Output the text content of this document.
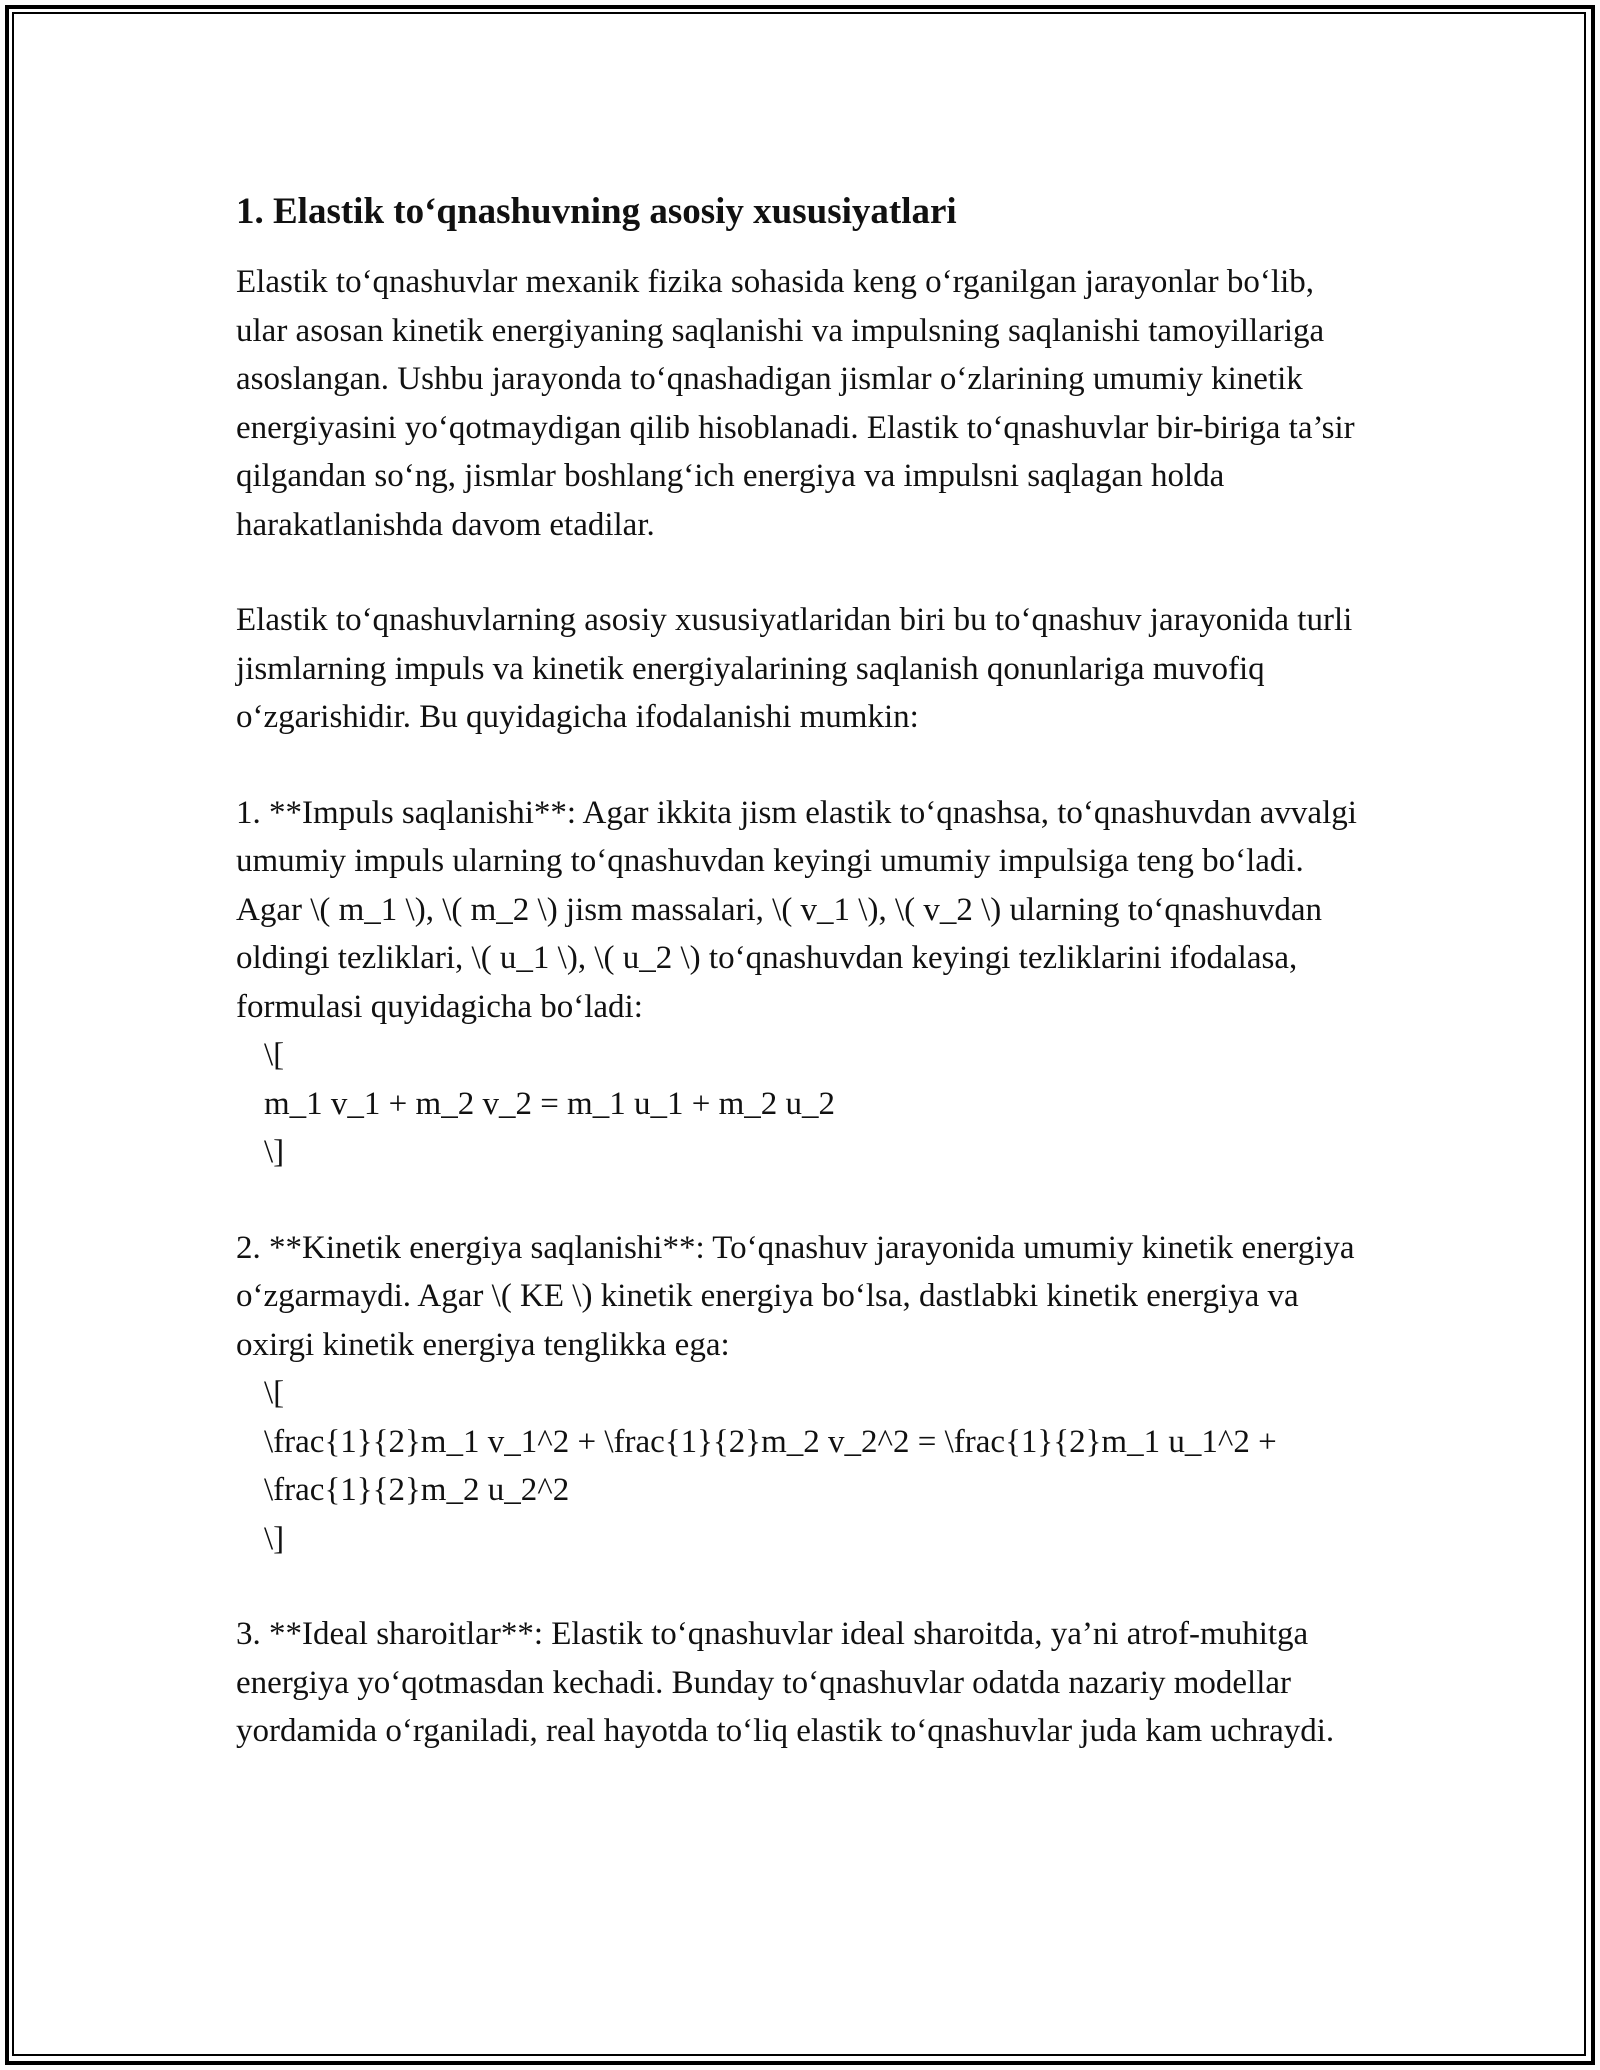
1. Elastik to‘qnashuvning asosiy xususiyatlari

Elastik to‘qnashuvlar mexanik fizika sohasida keng o‘rganilgan jarayonlar bo‘lib, ular asosan kinetik energiyaning saqlanishi va impulsning saqlanishi tamoyillariga asoslangan. Ushbu jarayonda to‘qnashadigan jismlar o‘zlarining umumiy kinetik energiyasini yo‘qotmaydigan qilib hisoblanadi. Elastik to‘qnashuvlar bir-biriga ta’sir qilgandan so‘ng, jismlar boshlang‘ich energiya va impulsni saqlagan holda harakatlanishda davom etadilar.

Elastik to‘qnashuvlarning asosiy xususiyatlaridan biri bu to‘qnashuv jarayonida turli jismlarning impuls va kinetik energiyalarining saqlanish qonunlariga muvofiq o‘zgarishidir. Bu quyidagicha ifodalanishi mumkin:

1. **Impuls saqlanishi**: Agar ikkita jism elastik to‘qnashsa, to‘qnashuvdan avvalgi umumiy impuls ularning to‘qnashuvdan keyingi umumiy impulsiga teng bo‘ladi. Agar \( m_1 \), \( m_2 \) jism massalari, \( v_1 \), \( v_2 \) ularning to‘qnashuvdan oldingi tezliklari, \( u_1 \), \( u_2 \) to‘qnashuvdan keyingi tezliklarini ifodalasa, formulasi quyidagicha bo‘ladi:
\[
m_1 v_1 + m_2 v_2 = m_1 u_1 + m_2 u_2
\]
2. **Kinetik energiya saqlanishi**: To‘qnashuv jarayonida umumiy kinetik energiya o‘zgarmaydi. Agar \( KE \) kinetik energiya bo‘lsa, dastlabki kinetik energiya va oxirgi kinetik energiya tenglikka ega:
\[
\frac{1}{2}m_1 v_1^2 + \frac{1}{2}m_2 v_2^2 = \frac{1}{2}m_1 u_1^2 + \frac{1}{2}m_2 u_2^2
\]
3. **Ideal sharoitlar**: Elastik to‘qnashuvlar ideal sharoitda, ya’ni atrof-muhitga energiya yo‘qotmasdan kechadi. Bunday to‘qnashuvlar odatda nazariy modellar yordamida o‘rganiladi, real hayotda to‘liq elastik to‘qnashuvlar juda kam uchraydi.
